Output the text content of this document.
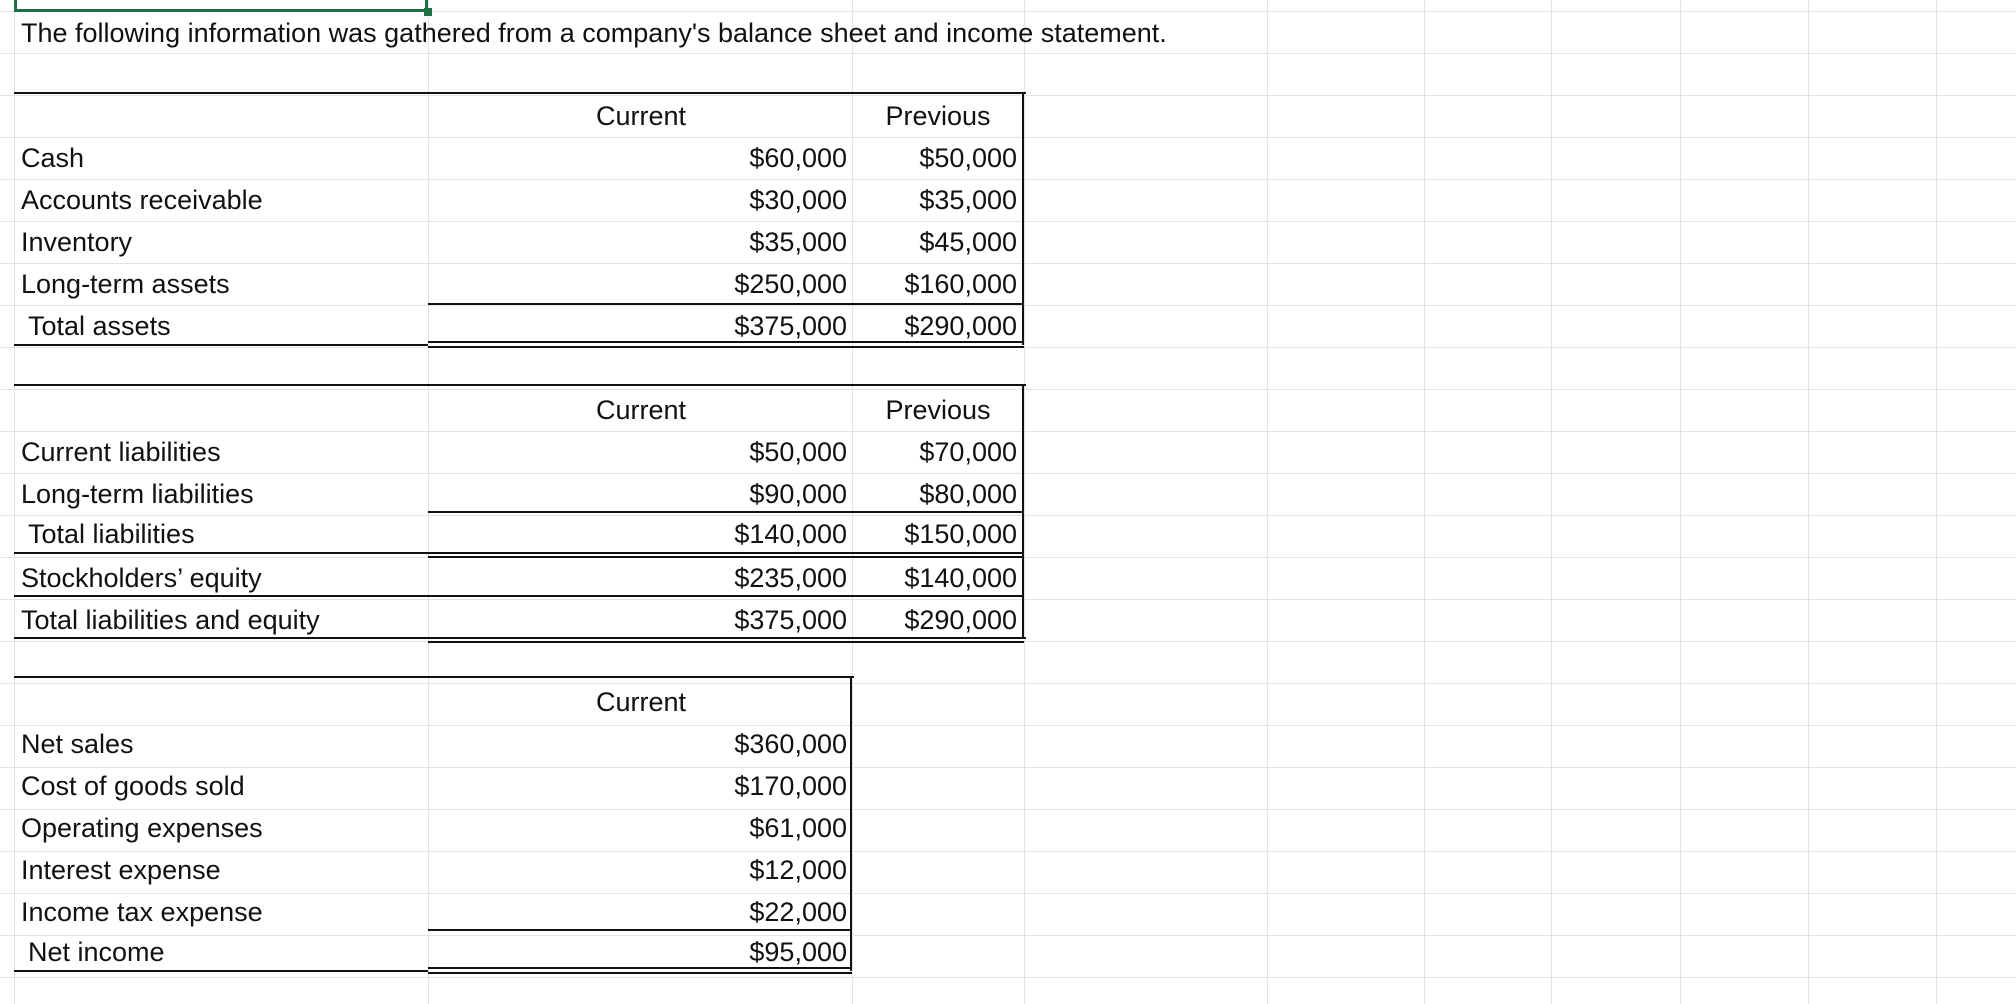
The following information was gathered from a company's balance sheet and income statement.
Current	Previous
Cash	$60,000	$50,000
Accounts receivable	$30,000	$35,000
Inventory	$35,000	$45,000
Long-term assets	$250,000	$160,000
Total assets	$375,000	$290,000
Current	Previous
Current liabilities	$50,000	$70,000
Long-term liabilities	$90,000	$80,000
Total liabilities	$140,000	$150,000
Stockholders’ equity	$235,000	$140,000
Total liabilities and equity	$375,000	$290,000
Current
Net sales	$360,000
Cost of goods sold	$170,000
Operating expenses	$61,000
Interest expense	$12,000
Income tax expense	$22,000
Net income	$95,000
